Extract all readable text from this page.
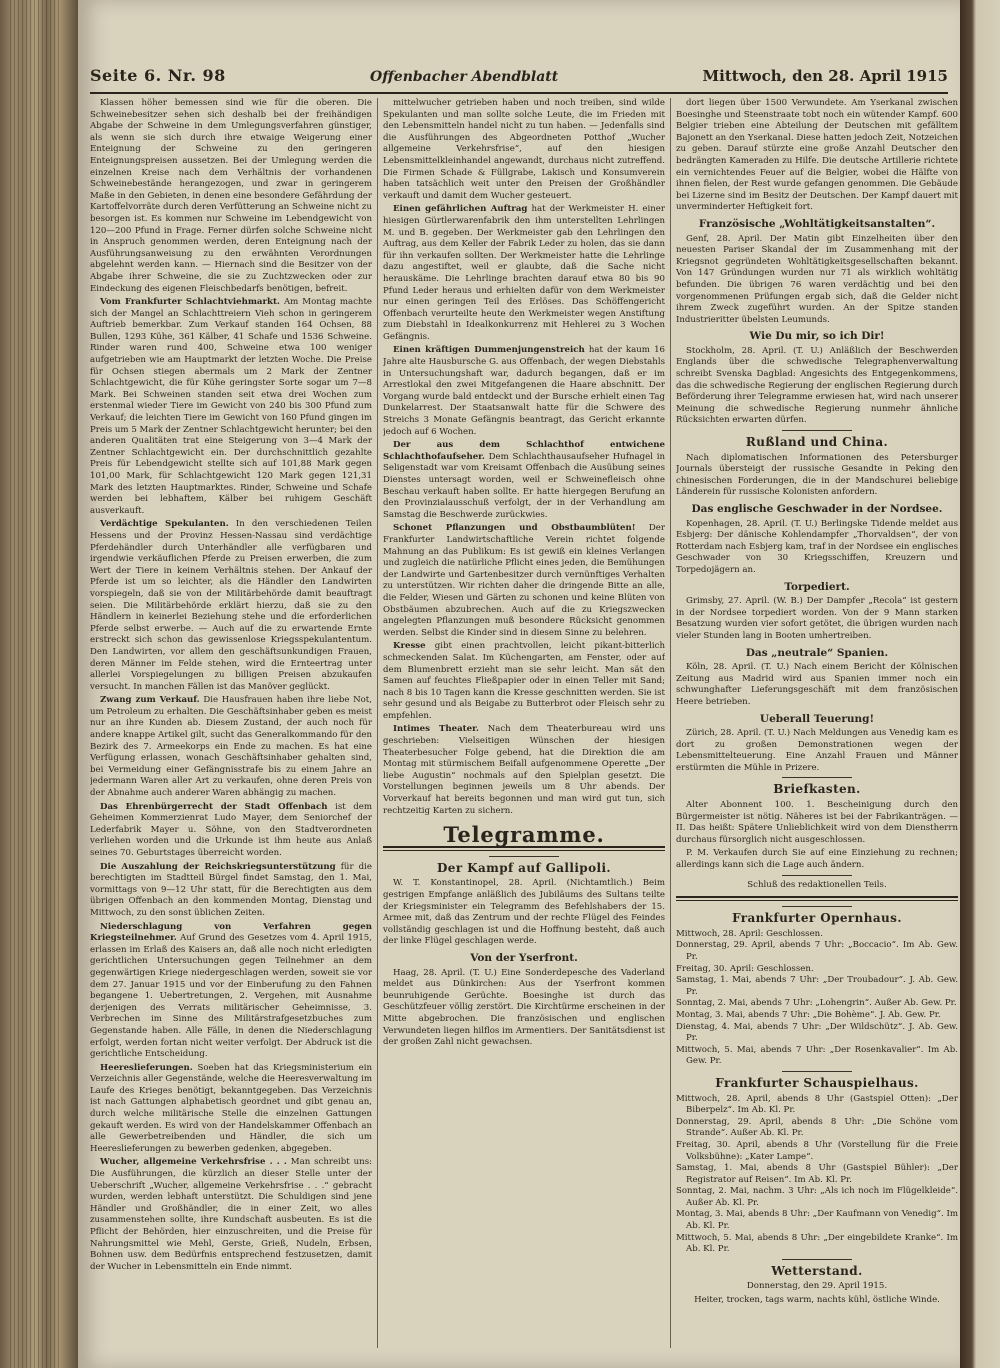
Seite 6. Nr. 98	Offenbacher Abendblatt	Mittwoch, den 28. April 1915

Klassen höher bemessen sind wie für die oberen. Die Schweinebesitzer sehen sich deshalb bei der freihändigen Abgabe der Schweine in dem Umlegungsverfahren günstiger, als wenn sie sich durch ihre etwaige Weigerung einer Enteignung der Schweine zu den geringeren Enteignungspreisen aussetzen. Bei der Umlegung werden die einzelnen Kreise nach dem Verhältnis der vorhandenen Schweinebestände herangezogen, und zwar in geringerem Maße in den Gebieten, in denen eine besondere Gefährdung der Kartoffelvorräte durch deren Verfütterung an Schweine nicht zu besorgen ist. Es kommen nur Schweine im Lebendgewicht von 120—200 Pfund in Frage. Ferner dürfen solche Schweine nicht in Anspruch genommen werden, deren Enteignung nach der Ausführungsanweisung zu den erwähnten Verordnungen abgelehnt werden kann. — Hiernach sind die Besitzer von der Abgabe ihrer Schweine, die sie zu Zuchtzwecken oder zur Eindeckung des eigenen Fleischbedarfs benötigen, befreit.

Vom Frankfurter Schlachtviehmarkt. Am Montag machte sich der Mangel an Schlachttreiern Vieh schon in geringerem Auftrieb bemerkbar. Zum Verkauf standen 164 Ochsen, 88 Bullen, 1293 Kühe, 361 Kälber, 41 Schafe und 1536 Schweine. Rinder waren rund 400, Schweine etwa 100 weniger aufgetrieben wie am Hauptmarkt der letzten Woche. Die Preise für Ochsen stiegen abermals um 2 Mark der Zentner Schlachtgewicht, die für Kühe geringster Sorte sogar um 7—8 Mark. Bei Schweinen standen seit etwa drei Wochen zum erstenmal wieder Tiere im Gewicht von 240 bis 300 Pfund zum Verkauf; die leichten Tiere im Gewicht von 160 Pfund gingen im Preis um 5 Mark der Zentner Schlachtgewicht herunter; bei den anderen Qualitäten trat eine Steigerung von 3—4 Mark der Zentner Schlachtgewicht ein. Der durchschnittlich gezahlte Preis für Lebendgewicht stellte sich auf 101,88 Mark gegen 101,00 Mark, für Schlachtgewicht 120 Mark gegen 121,31 Mark des letzten Hauptmarktes. Rinder, Schweine und Schafe werden bei lebhaftem, Kälber bei ruhigem Geschäft ausverkauft.

Verdächtige Spekulanten. In den verschiedenen Teilen Hessens und der Provinz Hessen-Nassau sind verdächtige Pferdehändler durch Unterhändler alle verfügbaren und irgendwie verkäuflichen Pferde zu Preisen erwerben, die zum Wert der Tiere in keinem Verhältnis stehen. Der Ankauf der Pferde ist um so leichter, als die Händler den Landwirten vorspiegeln, daß sie von der Militärbehörde damit beauftragt seien. Die Militärbehörde erklärt hierzu, daß sie zu den Händlern in keinerlei Beziehung stehe und die erforderlichen Pferde selbst erwerbe. — Auch auf die zu erwartende Ernte erstreckt sich schon das gewissenlose Kriegsspekulantentum. Den Landwirten, vor allem den geschäftsunkundigen Frauen, deren Männer im Felde stehen, wird die Ernteertrag unter allerlei Vorspiegelungen zu billigen Preisen abzukaufen versucht. In manchen Fällen ist das Manöver geglückt.

Zwang zum Verkauf. Die Hausfrauen haben ihre liebe Not, um Petroleum zu erhalten. Die Geschäftsinhaber geben es meist nur an ihre Kunden ab. Diesem Zustand, der auch noch für andere knappe Artikel gilt, sucht das Generalkommando für den Bezirk des 7. Armeekorps ein Ende zu machen. Es hat eine Verfügung erlassen, wonach Geschäftsinhaber gehalten sind, bei Vermeidung einer Gefängnisstrafe bis zu einem Jahre an jedermann Waren aller Art zu verkaufen, ohne deren Preis von der Abnahme auch anderer Waren abhängig zu machen.

Das Ehrenbürgerrecht der Stadt Offenbach ist dem Geheimen Kommerzienrat Ludo Mayer, dem Seniorchef der Lederfabrik Mayer u. Söhne, von den Stadtverordneten verliehen worden und die Urkunde ist ihm heute aus Anlaß seines 70. Geburtstages überreicht worden.

Die Auszahlung der Reichskriegsunterstützung für die berechtigten im Stadtteil Bürgel findet Samstag, den 1. Mai, vormittags von 9—12 Uhr statt, für die Berechtigten aus dem übrigen Offenbach an den kommenden Montag, Dienstag und Mittwoch, zu den sonst üblichen Zeiten.

Niederschlagung von Verfahren gegen Kriegsteilnehmer. Auf Grund des Gesetzes vom 4. April 1915, erlassen im Erlaß des Kaisers an, daß alle noch nicht erledigten gerichtlichen Untersuchungen gegen Teilnehmer an dem gegenwärtigen Kriege niedergeschlagen werden, soweit sie vor dem 27. Januar 1915 und vor der Einberufung zu den Fahnen begangene 1. Uebertretungen, 2. Vergehen, mit Ausnahme derjenigen des Verrats militärischer Geheimnisse, 3. Verbrechen im Sinne des Militärstrafgesetzbuches zum Gegenstande haben. Alle Fälle, in denen die Niederschlagung erfolgt, werden fortan nicht weiter verfolgt. Der Abdruck ist die gerichtliche Entscheidung.

Heereslieferungen. Soeben hat das Kriegsministerium ein Verzeichnis aller Gegenstände, welche die Heeresverwaltung im Laufe des Krieges benötigt, bekanntgegeben. Das Verzeichnis ist nach Gattungen alphabetisch geordnet und gibt genau an, durch welche militärische Stelle die einzelnen Gattungen gekauft werden. Es wird von der Handelskammer Offenbach an alle Gewerbetreibenden und Händler, die sich um Heereslieferungen zu bewerben gedenken, abgegeben.

Wucher, allgemeine Verkehrsfrise . . . Man schreibt uns: Die Ausführungen, die kürzlich an dieser Stelle unter der Ueberschrift „Wucher, allgemeine Verkehrsfrise . . .“ gebracht wurden, werden lebhaft unterstützt. Die Schuldigen sind jene Händler und Großhändler, die in einer Zeit, wo alles zusammenstehen sollte, ihre Kundschaft ausbeuten. Es ist die Pflicht der Behörden, hier einzuschreiten, und die Preise für Nahrungsmittel wie Mehl, Gerste, Grieß, Nudeln, Erbsen, Bohnen usw. dem Bedürfnis entsprechend festzusetzen, damit der Wucher in Lebensmitteln ein Ende nimmt.

mittelwucher getrieben haben und noch treiben, sind wilde Spekulanten und man sollte solche Leute, die im Frieden mit den Lebensmitteln handel nicht zu tun haben. — Jedenfalls sind die Ausführungen des Abgeordneten Potthof „Wucher allgemeine Verkehrsfrise“, auf den hiesigen Lebensmittelkleinhandel angewandt, durchaus nicht zutreffend. Die Firmen Schade & Füllgrabe, Lakisch und Konsumverein haben tatsächlich weit unter den Preisen der Großhändler verkauft und damit dem Wucher gesteuert.

Einen gefährlichen Auftrag hat der Werkmeister H. einer hiesigen Gürtlerwarenfabrik den ihm unterstellten Lehrlingen M. und B. gegeben. Der Werkmeister gab den Lehrlingen den Auftrag, aus dem Keller der Fabrik Leder zu holen, das sie dann für ihn verkaufen sollten. Der Werkmeister hatte die Lehrlinge dazu angestiftet, weil er glaubte, daß die Sache nicht herauskäme. Die Lehrlinge brachten darauf etwa 80 bis 90 Pfund Leder heraus und erhielten dafür von dem Werkmeister nur einen geringen Teil des Erlöses. Das Schöffengericht Offenbach verurteilte heute den Werkmeister wegen Anstiftung zum Diebstahl in Idealkonkurrenz mit Hehlerei zu 3 Wochen Gefängnis.

Einen kräftigen Dummenjungenstreich hat der kaum 16 Jahre alte Hausbursche G. aus Offenbach, der wegen Diebstahls in Untersuchungshaft war, dadurch begangen, daß er im Arrestlokal den zwei Mitgefangenen die Haare abschnitt. Der Vorgang wurde bald entdeckt und der Bursche erhielt einen Tag Dunkelarrest. Der Staatsanwalt hatte für die Schwere des Streichs 3 Monate Gefängnis beantragt, das Gericht erkannte jedoch auf 6 Wochen.

Der aus dem Schlachthof entwichene Schlachthofaufseher. Dem Schlachthausaufseher Hufnagel in Seligenstadt war vom Kreisamt Offenbach die Ausübung seines Dienstes untersagt worden, weil er Schweinefleisch ohne Beschau verkauft haben sollte. Er hatte hiergegen Berufung an den Provinzialausschuß verfolgt, der in der Verhandlung am Samstag die Beschwerde zurückwies.

Schonet Pflanzungen und Obstbaumblüten! Der Frankfurter Landwirtschaftliche Verein richtet folgende Mahnung an das Publikum: Es ist gewiß ein kleines Verlangen und zugleich die natürliche Pflicht eines jeden, die Bemühungen der Landwirte und Gartenbesitzer durch vernünftiges Verhalten zu unterstützen. Wir richten daher die dringende Bitte an alle, die Felder, Wiesen und Gärten zu schonen und keine Blüten von Obstbäumen abzubrechen. Auch auf die zu Kriegszwecken angelegten Pflanzungen muß besondere Rücksicht genommen werden. Selbst die Kinder sind in diesem Sinne zu belehren.

Kresse gibt einen prachtvollen, leicht pikant-bitterlich schmeckenden Salat. Im Küchengarten, am Fenster, oder auf dem Blumenbrett erzieht man sie sehr leicht. Man sät den Samen auf feuchtes Fließpapier oder in einen Teller mit Sand; nach 8 bis 10 Tagen kann die Kresse geschnitten werden. Sie ist sehr gesund und als Beigabe zu Butterbrot oder Fleisch sehr zu empfehlen.

Intimes Theater. Nach dem Theaterbureau wird uns geschrieben: Vielseitigen Wünschen der hiesigen Theaterbesucher Folge gebend, hat die Direktion die am Montag mit stürmischem Beifall aufgenommene Operette „Der liebe Augustin“ nochmals auf den Spielplan gesetzt. Die Vorstellungen beginnen jeweils um 8 Uhr abends. Der Vorverkauf hat bereits begonnen und man wird gut tun, sich rechtzeitig Karten zu sichern.

Telegramme.
Der Kampf auf Gallipoli.

W. T. Konstantinopel, 28. April. (Nichtamtlich.) Beim gestrigen Empfange anläßlich des Jubiläums des Sultans teilte der Kriegsminister ein Telegramm des Befehlshabers der 15. Armee mit, daß das Zentrum und der rechte Flügel des Feindes vollständig geschlagen ist und die Hoffnung besteht, daß auch der linke Flügel geschlagen werde.

Von der Yserfront.

Haag, 28. April. (T. U.) Eine Sonderdepesche des Vaderland meldet aus Dünkirchen: Aus der Yserfront kommen beunruhigende Gerüchte. Boesinghe ist durch das Geschützfeuer völlig zerstört. Die Kirchtürme erscheinen in der Mitte abgebrochen. Die französischen und englischen Verwundeten liegen hilflos im Armentiers. Der Sanitätsdienst ist der großen Zahl nicht gewachsen.

dort liegen über 1500 Verwundete. Am Yserkanal zwischen Boesinghe und Steenstraate tobt noch ein wütender Kampf. 600 Belgier trieben eine Abteilung der Deutschen mit gefälltem Bajonett an den Yserkanal. Diese hatten jedoch Zeit, Notzeichen zu geben. Darauf stürzte eine große Anzahl Deutscher den bedrängten Kameraden zu Hilfe. Die deutsche Artillerie richtete ein vernichtendes Feuer auf die Belgier, wobei die Hälfte von ihnen fielen, der Rest wurde gefangen genommen. Die Gebäude bei Lizerne sind im Besitz der Deutschen. Der Kampf dauert mit unverminderter Heftigkeit fort.

Französische „Wohltätigkeitsanstalten“.

Genf, 28. April. Der Matin gibt Einzelheiten über den neuesten Pariser Skandal der im Zusammenhang mit der Kriegsnot gegründeten Wohltätigkeitsgesellschaften bekannt. Von 147 Gründungen wurden nur 71 als wirklich wohltätig befunden. Die übrigen 76 waren verdächtig und bei den vorgenommenen Prüfungen ergab sich, daß die Gelder nicht ihrem Zweck zugeführt wurden. An der Spitze standen Industrieritter übelsten Leumunds.

Wie Du mir, so ich Dir!

Stockholm, 28. April. (T. U.) Anläßlich der Beschwerden Englands über die schwedische Telegraphenverwaltung schreibt Svenska Dagblad: Angesichts des Entgegenkommens, das die schwedische Regierung der englischen Regierung durch Beförderung ihrer Telegramme erwiesen hat, wird nach unserer Meinung die schwedische Regierung nunmehr ähnliche Rücksichten erwarten dürfen.

Rußland und China.

Nach diplomatischen Informationen des Petersburger Journals übersteigt der russische Gesandte in Peking den chinesischen Forderungen, die in der Mandschurei beliebige Länderein für russische Kolonisten anfordern.

Das englische Geschwader in der Nordsee.

Kopenhagen, 28. April. (T. U.) Berlingske Tidende meldet aus Esbjerg: Der dänische Kohlendampfer „Thorvaldsen“, der von Rotterdam nach Esbjerg kam, traf in der Nordsee ein englisches Geschwader von 30 Kriegsschiffen, Kreuzern und Torpedojägern an.

Torpediert.

Grimsby, 27. April. (W. B.) Der Dampfer „Recola“ ist gestern in der Nordsee torpediert worden. Von der 9 Mann starken Besatzung wurden vier sofort getötet, die übrigen wurden nach vieler Stunden lang in Booten umhertreiben.

Das „neutrale“ Spanien.

Köln, 28. April. (T. U.) Nach einem Bericht der Kölnischen Zeitung aus Madrid wird aus Spanien immer noch ein schwunghafter Lieferungsgeschäft mit dem französischen Heere betrieben.

Ueberall Teuerung!

Zürich, 28. April. (T. U.) Nach Meldungen aus Venedig kam es dort zu großen Demonstrationen wegen der Lebensmittelteuerung. Eine Anzahl Frauen und Männer erstürmten die Mühle in Prizere.

Briefkasten.

Alter Abonnent 100. 1. Bescheinigung durch den Bürgermeister ist nötig. Näheres ist bei der Fabrikanträgen. — II. Das heißt: Spätere Unlieblichkeit wird von dem Dienstherrn durchaus fürsorglich nicht ausgeschlossen.

P. M. Verkaufen durch Sie auf eine Einziehung zu rechnen; allerdings kann sich die Lage auch ändern.

Schluß des redaktionellen Teils.
Frankfurter Opernhaus.

Mittwoch, 28. April: Geschlossen.

Donnerstag, 29. April, abends 7 Uhr: „Boccacio“. Im Ab. Gew. Pr.

Freitag, 30. April: Geschlossen.

Samstag, 1. Mai, abends 7 Uhr: „Der Troubadour“. J. Ab. Gew. Pr.

Sonntag, 2. Mai, abends 7 Uhr: „Lohengrin“. Außer Ab. Gew. Pr.

Montag, 3. Mai, abends 7 Uhr: „Die Bohème“. J. Ab. Gew. Pr.

Dienstag, 4. Mai, abends 7 Uhr: „Der Wildschütz“. J. Ab. Gew. Pr.

Mittwoch, 5. Mai, abends 7 Uhr: „Der Rosenkavalier“. Im Ab. Gew. Pr.

Frankfurter Schauspielhaus.

Mittwoch, 28. April, abends 8 Uhr (Gastspiel Otten): „Der Biberpelz“. Im Ab. Kl. Pr.

Donnerstag, 29. April, abends 8 Uhr: „Die Schöne vom Strande“. Außer Ab. Kl. Pr.

Freitag, 30. April, abends 8 Uhr (Vorstellung für die Freie Volksbühne): „Kater Lampe“.

Samstag, 1. Mai, abends 8 Uhr (Gastspiel Bühler): „Der Registrator auf Reisen“. Im Ab. Kl. Pr.

Sonntag, 2. Mai, nachm. 3 Uhr: „Als ich noch im Flügelkleide“. Außer Ab. Kl. Pr.

Montag, 3. Mai, abends 8 Uhr: „Der Kaufmann von Venedig“. Im Ab. Kl. Pr.

Mittwoch, 5. Mai, abends 8 Uhr: „Der eingebildete Kranke“. Im Ab. Kl. Pr.

Wetterstand.
Donnerstag, den 29. April 1915.
Heiter, trocken, tags warm, nachts kühl, östliche Winde.
